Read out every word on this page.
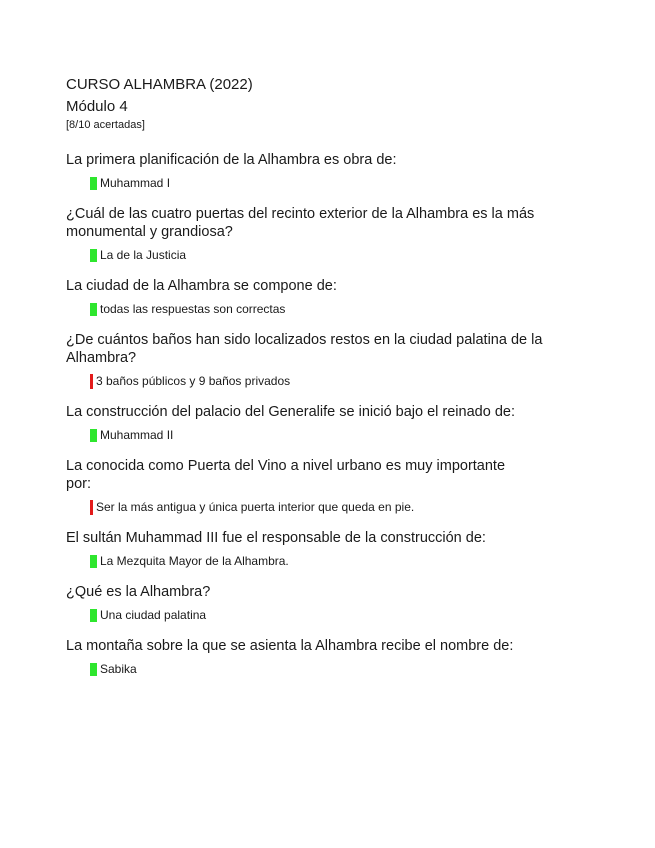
CURSO ALHAMBRA (2022)

Módulo 4

[8/10 acertadas]

La primera planificación de la Alhambra es obra de:

Muhammad I

¿Cuál de las cuatro puertas del recinto exterior de la Alhambra es la más monumental y grandiosa?

La de la Justicia

La ciudad de la Alhambra se compone de:

todas las respuestas son correctas

¿De cuántos baños han sido localizados restos en la ciudad palatina de la Alhambra?

3 baños públicos y 9 baños privados

La construcción del palacio del Generalife se inició bajo el reinado de:

Muhammad II

La conocida como Puerta del Vino a nivel urbano es muy importante por:

Ser la más antigua y única puerta interior que queda en pie.

El sultán Muhammad III fue el responsable de la construcción de:

La Mezquita Mayor de la Alhambra.

¿Qué es la Alhambra?

Una ciudad palatina

La montaña sobre la que se asienta la Alhambra recibe el nombre de:

Sabika
